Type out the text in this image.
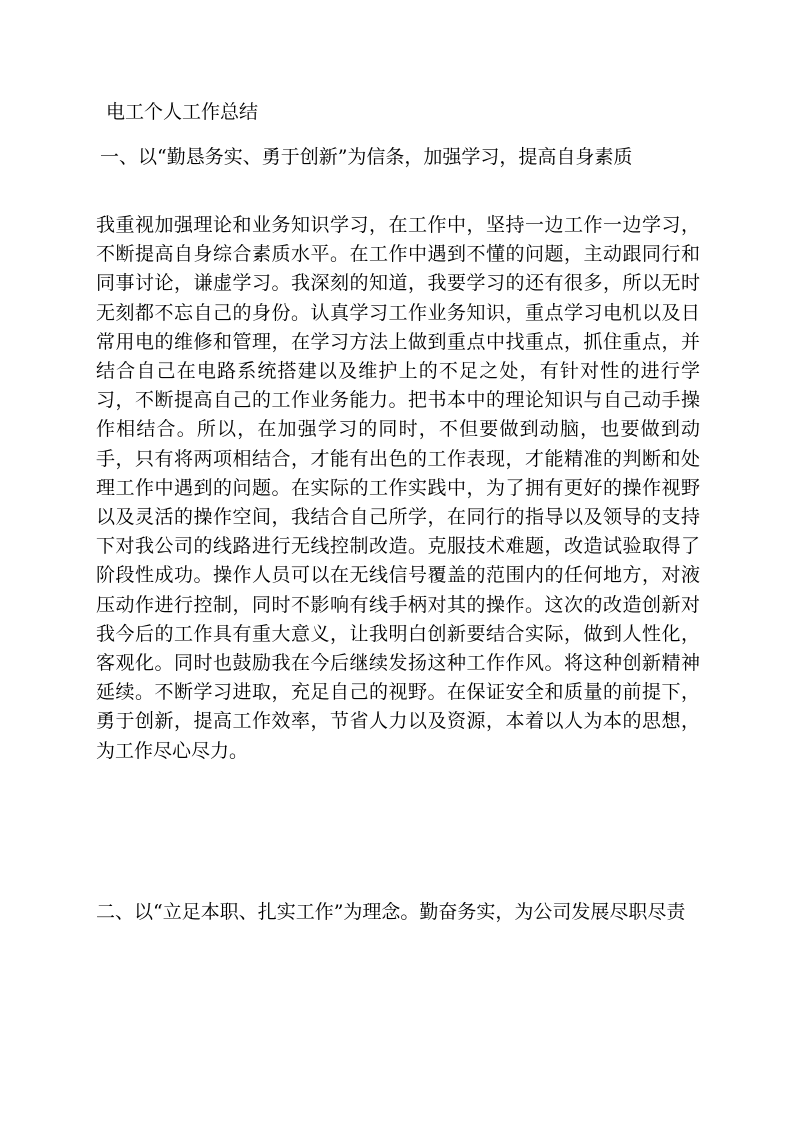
电工个人工作总结
一、以“勤恳务实、勇于创新”为信条，加强学习，提高自身素质

我重视加强理论和业务知识学习，在工作中，坚持一边工作一边学习，不断提高自身综合素质水平。在工作中遇到不懂的问题，主动跟同行和同事讨论，谦虚学习。我深刻的知道，我要学习的还有很多，所以无时无刻都不忘自己的身份。认真学习工作业务知识，重点学习电机以及日常用电的维修和管理，在学习方法上做到重点中找重点，抓住重点，并结合自己在电路系统搭建以及维护上的不足之处，有针对性的进行学习，不断提高自己的工作业务能力。把书本中的理论知识与自己动手操作相结合。所以，在加强学习的同时，不但要做到动脑，也要做到动手，只有将两项相结合，才能有出色的工作表现，才能精准的判断和处理工作中遇到的问题。在实际的工作实践中，为了拥有更好的操作视野以及灵活的操作空间，我结合自己所学，在同行的指导以及领导的支持下对我公司的线路进行无线控制改造。克服技术难题，改造试验取得了阶段性成功。操作人员可以在无线信号覆盖的范围内的任何地方，对液压动作进行控制，同时不影响有线手柄对其的操作。这次的改造创新对我今后的工作具有重大意义，让我明白创新要结合实际，做到人性化，客观化。同时也鼓励我在今后继续发扬这种工作作风。将这种创新精神延续。不断学习进取，充足自己的视野。在保证安全和质量的前提下，勇于创新，提高工作效率，节省人力以及资源，本着以人为本的思想，为工作尽心尽力。

二、以“立足本职、扎实工作”为理念。勤奋务实，为公司发展尽职尽责
